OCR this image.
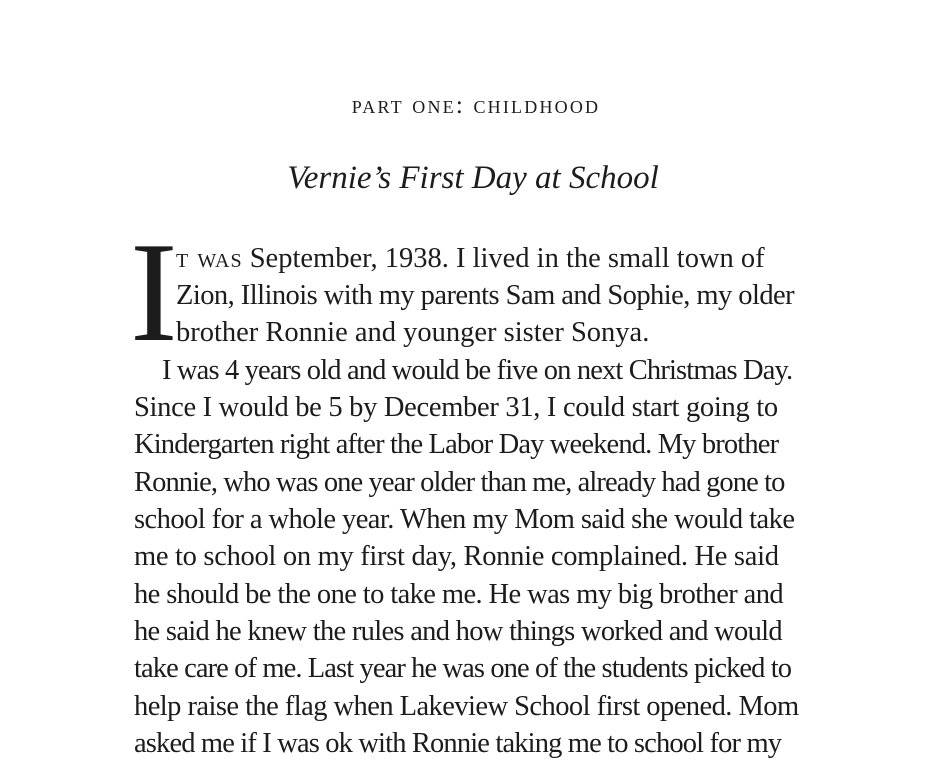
part one: childhood
Vernie’s First Day at School
I
t was September, 1938. I lived in the small town of
Zion, Illinois with my parents Sam and Sophie, my older
brother Ronnie and younger sister Sonya.
I was 4 years old and would be five on next Christmas Day.
Since I would be 5 by December 31, I could start going to
Kindergarten right after the Labor Day weekend. My brother
Ronnie, who was one year older than me, already had gone to
school for a whole year. When my Mom said she would take
me to school on my first day, Ronnie complained. He said
he should be the one to take me. He was my big brother and
he said he knew the rules and how things worked and would
take care of me. Last year he was one of the students picked to
help raise the flag when Lakeview School first opened. Mom
asked me if I was ok with Ronnie taking me to school for my
